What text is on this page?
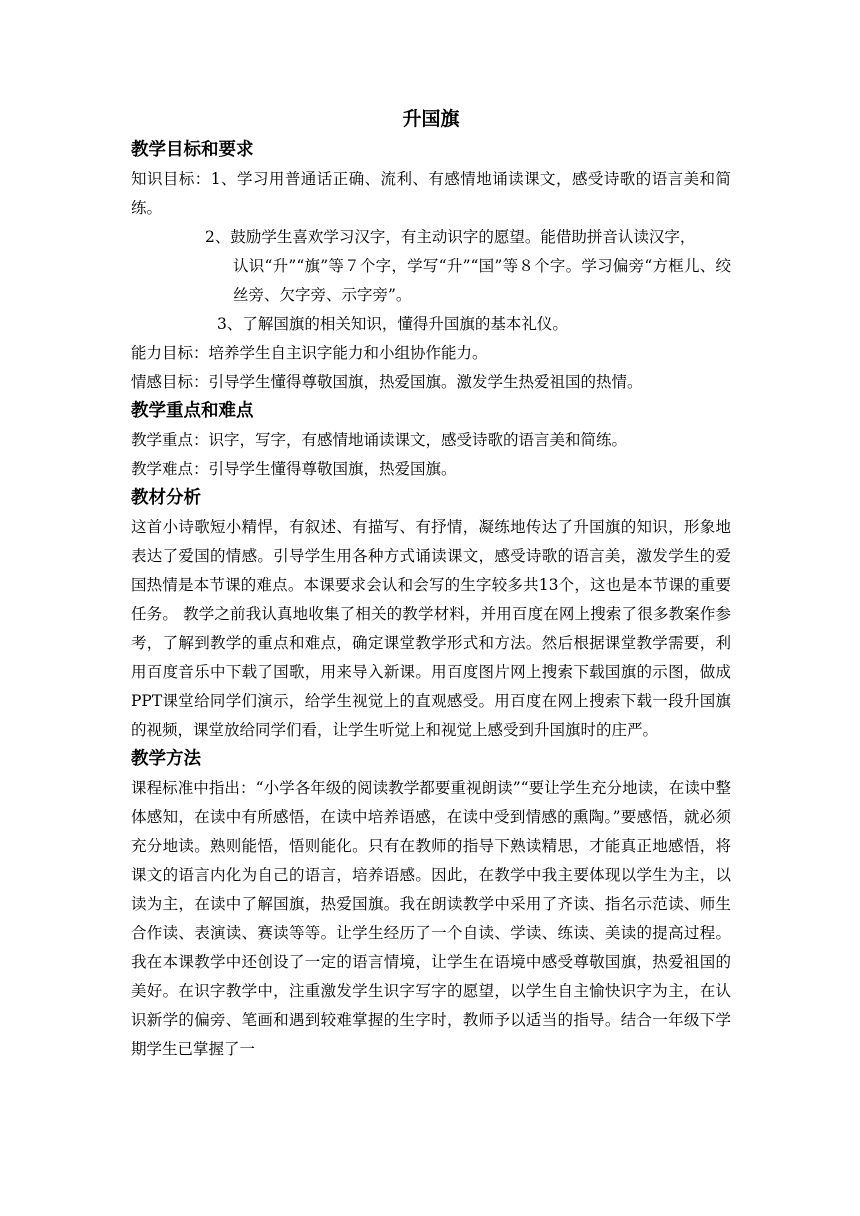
升国旗
教学目标和要求

知识目标：1、学习用普通话正确、流利、有感情地诵读课文，感受诗歌的语言美和简练。

2、鼓励学生喜欢学习汉字，有主动识字的愿望。能借助拼音认读汉字，
认识“升”“旗”等７个字，学写“升”“国”等８个字。学习偏旁“方框儿、绞丝旁、欠字旁、示字旁”。

3、了解国旗的相关知识，懂得升国旗的基本礼仪。

能力目标：培养学生自主识字能力和小组协作能力。

情感目标：引导学生懂得尊敬国旗，热爱国旗。激发学生热爱祖国的热情。

教学重点和难点

教学重点：识字，写字，有感情地诵读课文，感受诗歌的语言美和简练。

教学难点：引导学生懂得尊敬国旗，热爱国旗。

教材分析

这首小诗歌短小精悍，有叙述、有描写、有抒情，凝练地传达了升国旗的知识，形象地表达了爱国的情感。引导学生用各种方式诵读课文，感受诗歌的语言美，激发学生的爱国热情是本节课的难点。本课要求会认和会写的生字较多共13个，这也是本节课的重要任务。 教学之前我认真地收集了相关的教学材料，并用百度在网上搜索了很多教案作参考，了解到教学的重点和难点，确定课堂教学形式和方法。然后根据课堂教学需要，利用百度音乐中下载了国歌，用来导入新课。用百度图片网上搜索下载国旗的示图，做成PPT课堂给同学们演示，给学生视觉上的直观感受。用百度在网上搜索下载一段升国旗的视频，课堂放给同学们看，让学生听觉上和视觉上感受到升国旗时的庄严。

教学方法

课程标准中指出：“小学各年级的阅读教学都要重视朗读”“要让学生充分地读，在读中整体感知，在读中有所感悟，在读中培养语感，在读中受到情感的熏陶。”要感悟，就必须充分地读。熟则能悟，悟则能化。只有在教师的指导下熟读精思，才能真正地感悟，将课文的语言内化为自己的语言，培养语感。因此，在教学中我主要体现以学生为主，以读为主，在读中了解国旗，热爱国旗。我在朗读教学中采用了齐读、指名示范读、师生合作读、表演读、赛读等等。让学生经历了一个自读、学读、练读、美读的提高过程。我在本课教学中还创设了一定的语言情境，让学生在语境中感受尊敬国旗，热爱祖国的美好。在识字教学中，注重激发学生识字写字的愿望，以学生自主愉快识字为主，在认识新学的偏旁、笔画和遇到较难掌握的生字时，教师予以适当的指导。结合一年级下学期学生已掌握了一
